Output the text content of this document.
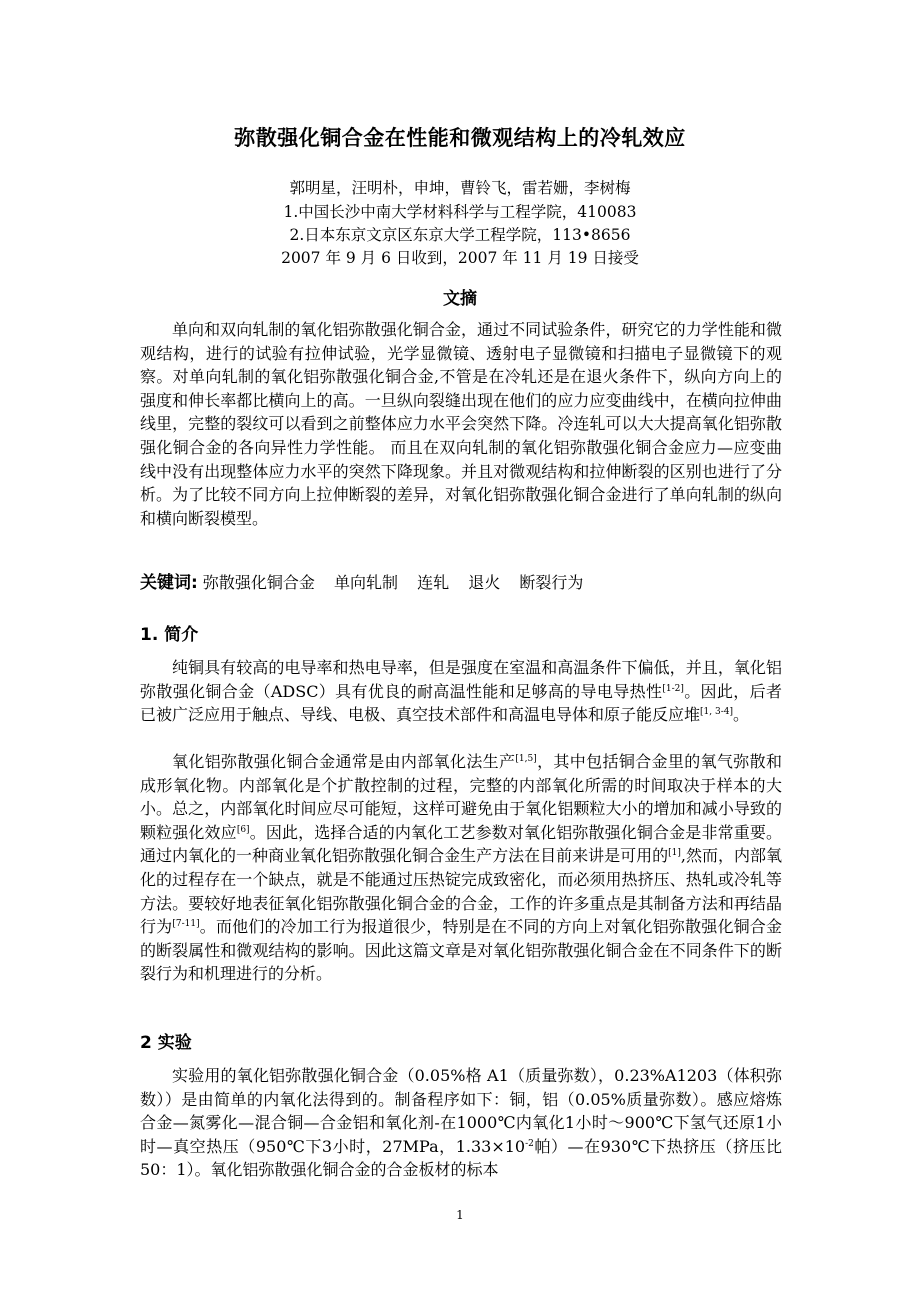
弥散强化铜合金在性能和微观结构上的冷轧效应
郭明星，汪明朴，申坤，曹铃飞，雷若姗，李树梅
1.中国长沙中南大学材料科学与工程学院，410083
2.日本东京文京区东京大学工程学院，113•8656
2007 年 9 月 6 日收到，2007 年 11 月 19 日接受
文摘

单向和双向轧制的氧化铝弥散强化铜合金，通过不同试验条件，研究它的力学性能和微观结构，进行的试验有拉伸试验，光学显微镜、透射电子显微镜和扫描电子显微镜下的观察。对单向轧制的氧化铝弥散强化铜合金,不管是在冷轧还是在退火条件下，纵向方向上的强度和伸长率都比横向上的高。一旦纵向裂缝出现在他们的应力应变曲线中，在横向拉伸曲线里，完整的裂纹可以看到之前整体应力水平会突然下降。冷连轧可以大大提高氧化铝弥散强化铜合金的各向异性力学性能。 而且在双向轧制的氧化铝弥散强化铜合金应力—应变曲线中没有出现整体应力水平的突然下降现象。并且对微观结构和拉伸断裂的区别也进行了分析。为了比较不同方向上拉伸断裂的差异，对氧化铝弥散强化铜合金进行了单向轧制的纵向和横向断裂模型。

关键词: 弥散强化铜合金 单向轧制 连轧 退火 断裂行为
1. 简介

纯铜具有较高的电导率和热电导率，但是强度在室温和高温条件下偏低，并且，氧化铝弥散强化铜合金（ADSC）具有优良的耐高温性能和足够高的导电导热性[1-2]。因此，后者已被广泛应用于触点、导线、电极、真空技术部件和高温电导体和原子能反应堆[1, 3-4]。

氧化铝弥散强化铜合金通常是由内部氧化法生产[1,5]，其中包括铜合金里的氧气弥散和成形氧化物。内部氧化是个扩散控制的过程，完整的内部氧化所需的时间取决于样本的大小。总之，内部氧化时间应尽可能短，这样可避免由于氧化铝颗粒大小的增加和减小导致的颗粒强化效应[6]。因此，选择合适的内氧化工艺参数对氧化铝弥散强化铜合金是非常重要。通过内氧化的一种商业氧化铝弥散强化铜合金生产方法在目前来讲是可用的[1],然而，内部氧化的过程存在一个缺点，就是不能通过压热锭完成致密化，而必须用热挤压、热轧或冷轧等方法。要较好地表征氧化铝弥散强化铜合金的合金，工作的许多重点是其制备方法和再结晶行为[7-11]。而他们的冷加工行为报道很少，特别是在不同的方向上对氧化铝弥散强化铜合金的断裂属性和微观结构的影响。因此这篇文章是对氧化铝弥散强化铜合金在不同条件下的断裂行为和机理进行的分析。

2 实验

实验用的氧化铝弥散强化铜合金（0.05%格 A1（质量弥数），0.23%A1203（体积弥数））是由简单的内氧化法得到的。制备程序如下：铜，铝（0.05%质量弥数）。感应熔炼合金—氮雾化—混合铜—合金铝和氧化剂-在1000℃内氧化1小时～900℃下氢气还原1小时—真空热压（950℃下3小时，27MPa，$1.33\times 10^{-2}$帕）—在930℃下热挤压（挤压比50：1）。氧化铝弥散强化铜合金的合金板材的标本

1
